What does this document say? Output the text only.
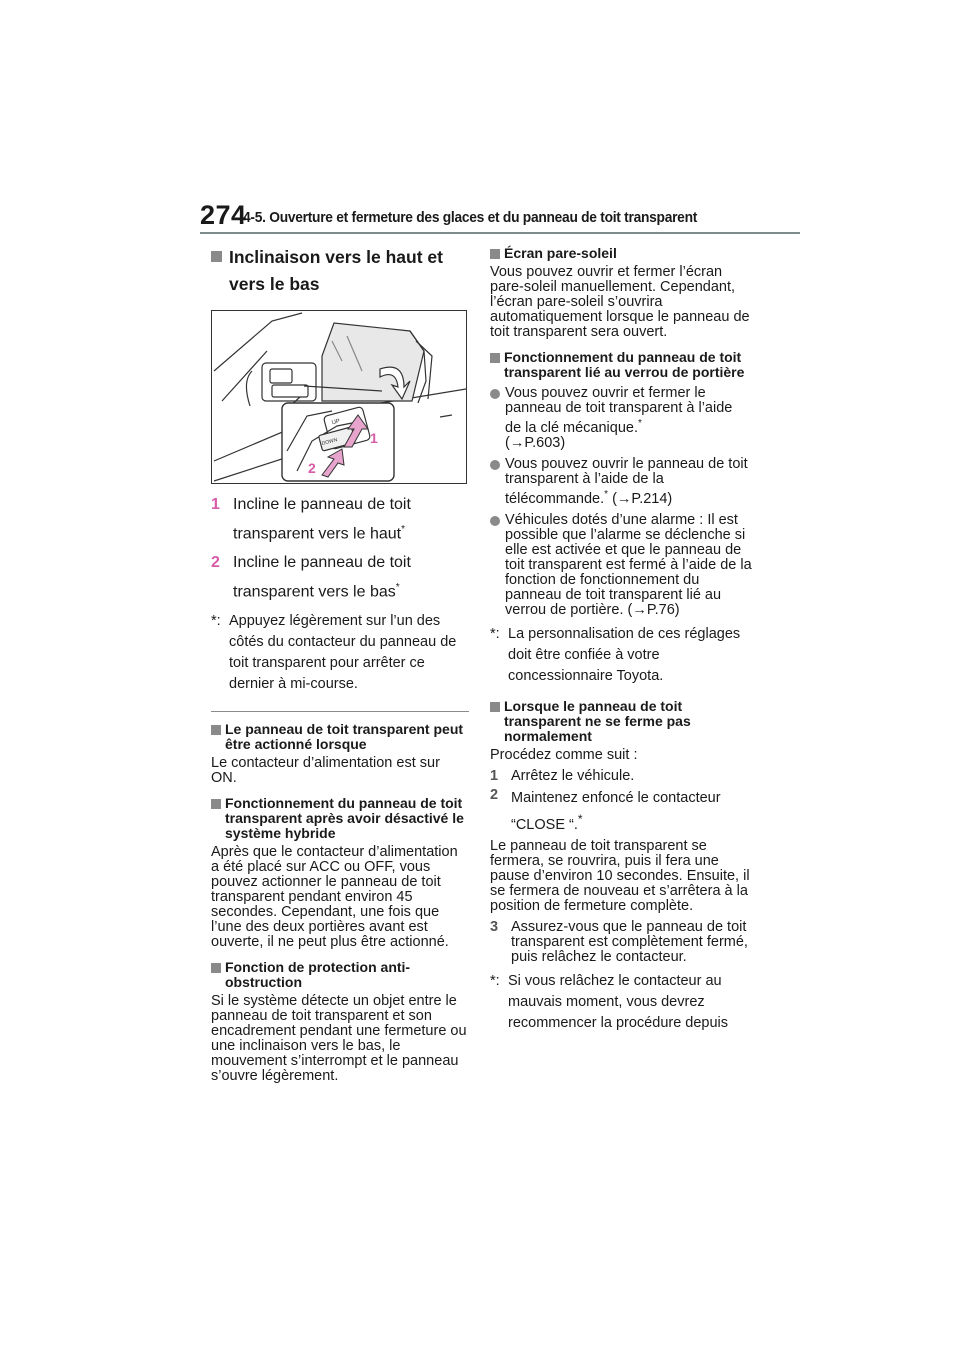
274
4-5. Ouverture et fermeture des glaces et du panneau de toit transparent
Inclinaison vers le haut et vers le bas
1
2
UP
DOWN
1 Incline le panneau de toit transparent vers le haut*
2 Incline le panneau de toit transparent vers le bas*
*: Appuyez légèrement sur l’un des côtés du contacteur du panneau de toit transparent pour arrêter ce dernier à mi-course.
Le panneau de toit transparent peut être actionné lorsque

Le contacteur d’alimentation est sur ON.

Fonctionnement du panneau de toit transparent après avoir désactivé le système hybride

Après que le contacteur d’alimentation a été placé sur ACC ou OFF, vous pouvez actionner le panneau de toit transparent pendant environ 45 secondes. Cependant, une fois que l’une des deux portières avant est ouverte, il ne peut plus être actionné.

Fonction de protection anti-obstruction

Si le système détecte un objet entre le panneau de toit transparent et son encadrement pendant une fermeture ou une inclinaison vers le bas, le mouvement s’interrompt et le panneau s’ouvre légèrement.

Écran pare-soleil

Vous pouvez ouvrir et fermer l’écran pare-soleil manuellement. Cependant, l’écran pare-soleil s’ouvrira automatiquement lorsque le panneau de toit transparent sera ouvert.

Fonctionnement du panneau de toit transparent lié au verrou de portière
Vous pouvez ouvrir et fermer le panneau de toit transparent à l’aide de la clé mécanique.*
(→P.603)
Vous pouvez ouvrir le panneau de toit transparent à l’aide de la télécommande.* (→P.214)
Véhicules dotés d’une alarme : Il est possible que l’alarme se déclenche si elle est activée et que le panneau de toit transparent est fermé à l’aide de la fonction de fonctionnement du panneau de toit transparent lié au verrou de portière. (→P.76)
*: La personnalisation de ces réglages doit être confiée à votre concessionnaire Toyota.
Lorsque le panneau de toit transparent ne se ferme pas normalement

Procédez comme suit :

1 Arrêtez le véhicule.
2 Maintenez enfoncé le contacteur “CLOSE “.*

Le panneau de toit transparent se fermera, se rouvrira, puis il fera une pause d’environ 10 secondes. Ensuite, il se fermera de nouveau et s’arrêtera à la position de fermeture complète.

3 Assurez-vous que le panneau de toit transparent est complètement fermé, puis relâchez le contacteur.
*: Si vous relâchez le contacteur au mauvais moment, vous devrez recommencer la procédure depuis
